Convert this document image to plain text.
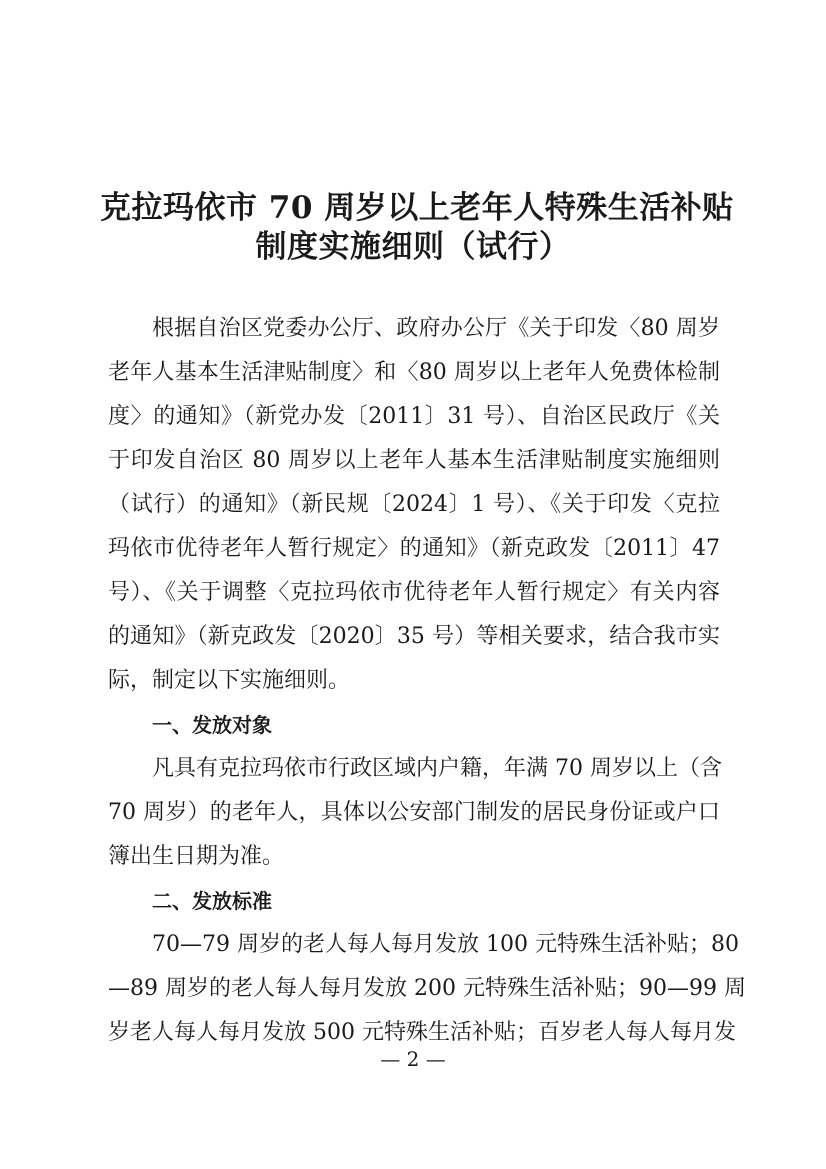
克拉玛依市 70 周岁以上老年人特殊生活补贴
制度实施细则（试行）
根据自治区党委办公厅、政府办公厅《关于印发〈80 周岁
老年人基本生活津贴制度〉和〈80 周岁以上老年人免费体检制
度〉的通知》（新党办发〔2011〕31 号）、自治区民政厅《关
于印发自治区 80 周岁以上老年人基本生活津贴制度实施细则
（试行）的通知》（新民规〔2024〕1 号）、《关于印发〈克拉
玛依市优待老年人暂行规定〉的通知》（新克政发〔2011〕47
号）、《关于调整〈克拉玛依市优待老年人暂行规定〉有关内容
的通知》（新克政发〔2020〕35 号）等相关要求，结合我市实
际，制定以下实施细则。
一、发放对象
凡具有克拉玛依市行政区域内户籍，年满 70 周岁以上（含
70 周岁）的老年人，具体以公安部门制发的居民身份证或户口
簿出生日期为准。
二、发放标准
70—79 周岁的老人每人每月发放 100 元特殊生活补贴；80
—89 周岁的老人每人每月发放 200 元特殊生活补贴；90—99 周
岁老人每人每月发放 500 元特殊生活补贴；百岁老人每人每月发
— 2 —
